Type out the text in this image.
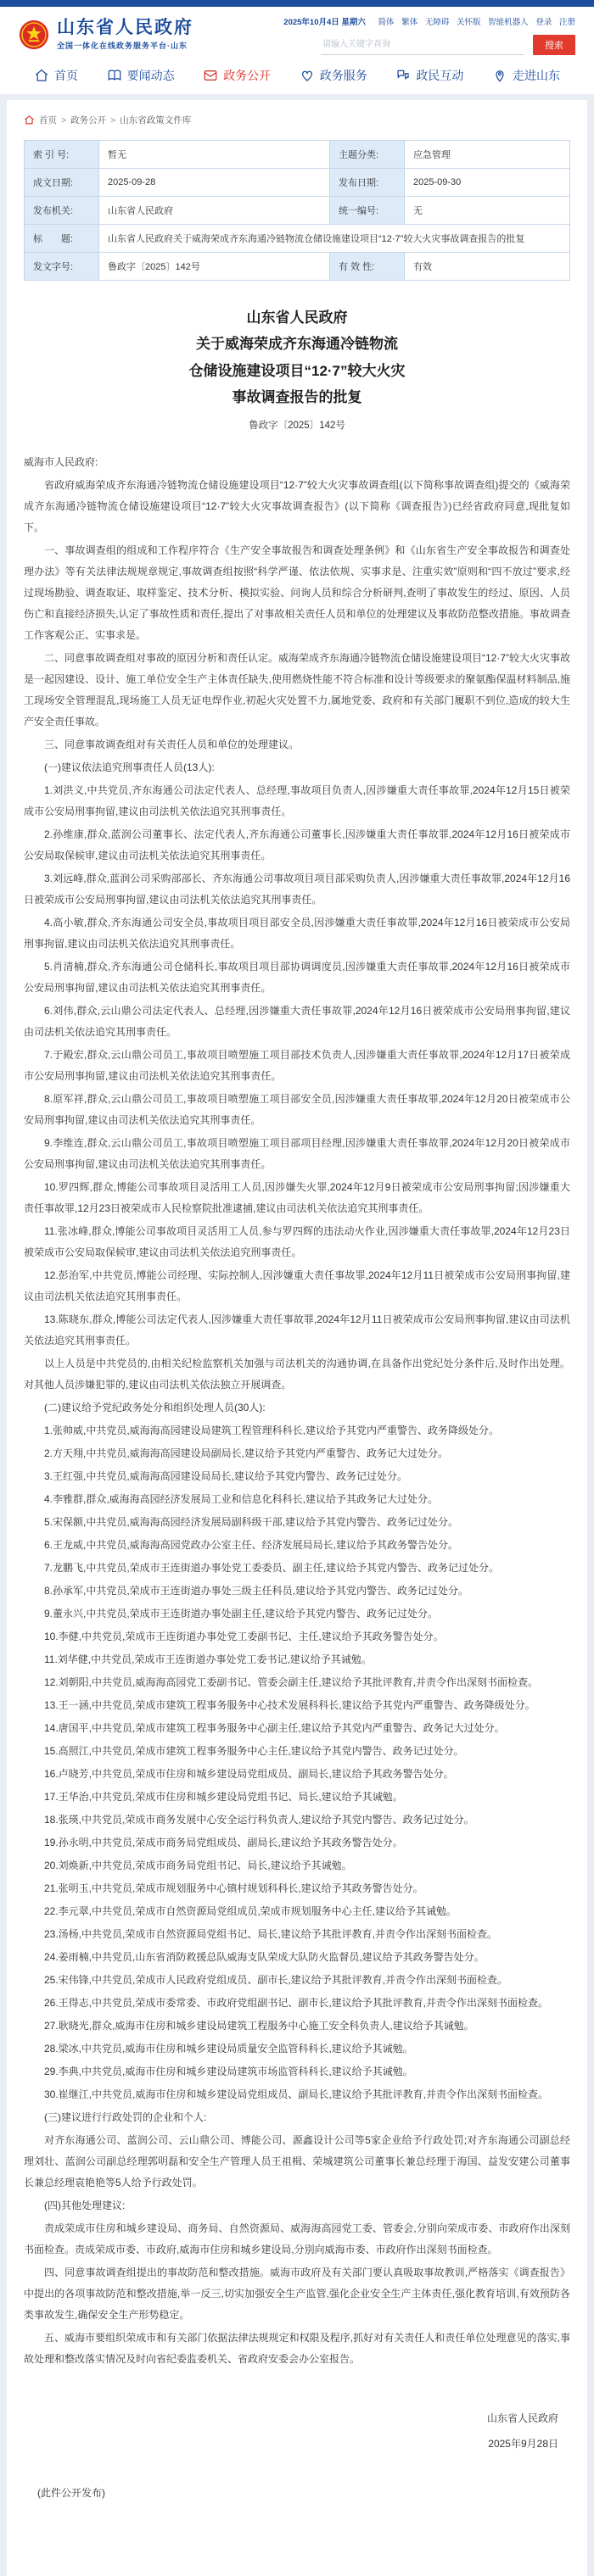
山东省人民政府
全国一体化在线政务服务平台·山东
2025年10月4日 星期六 简体 繁体 无障碍 关怀版 智能机器人 登录 注册
请输入关键字查询
搜索
首页	要闻动态	政务公开	政务服务	政民互动	走进山东
首页 > 政务公开 > 山东省政策文件库
索 引 号:	暂无	主题分类:	应急管理
成文日期:	2025-09-28	发布日期:	2025-09-30
发布机关:	山东省人民政府	统一编号:	无
标　　题:	山东省人民政府关于威海荣成齐东海通冷链物流仓储设施建设项目“12·7”较大火灾事故调查报告的批复		
发文字号:	鲁政字〔2025〕142号	有 效 性:	有效
山东省人民政府
关于威海荣成齐东海通冷链物流
仓储设施建设项目“12·7”较大火灾
事故调查报告的批复
鲁政字〔2025〕142号

威海市人民政府:

省政府威海荣成齐东海通冷链物流仓储设施建设项目“12·7”较大火灾事故调查组(以下简称事故调查组)提交的《威海荣成齐东海通冷链物流仓储设施建设项目“12·7”较大火灾事故调查报告》(以下简称《调查报告》)已经省政府同意,现批复如下。

一、事故调查组的组成和工作程序符合《生产安全事故报告和调查处理条例》和《山东省生产安全事故报告和调查处理办法》等有关法律法规规章规定,事故调查组按照“科学严谨、依法依规、实事求是、注重实效”原则和“四不放过”要求,经过现场勘验、调查取证、取样鉴定、技术分析、模拟实验、问询人员和综合分析研判,查明了事故发生的经过、原因、人员伤亡和直接经济损失,认定了事故性质和责任,提出了对事故相关责任人员和单位的处理建议及事故防范整改措施。事故调查工作客观公正、实事求是。

二、同意事故调查组对事故的原因分析和责任认定。威海荣成齐东海通冷链物流仓储设施建设项目“12·7”较大火灾事故是一起因建设、设计、施工单位安全生产主体责任缺失,使用燃烧性能不符合标准和设计等级要求的聚氨酯保温材料制品,施工现场安全管理混乱,现场施工人员无证电焊作业,初起火灾处置不力,属地党委、政府和有关部门履职不到位,造成的较大生产安全责任事故。

三、同意事故调查组对有关责任人员和单位的处理建议。

(一)建议依法追究刑事责任人员(13人):

1.刘洪义,中共党员,齐东海通公司法定代表人、总经理,事故项目负责人,因涉嫌重大责任事故罪,2024年12月15日被荣成市公安局刑事拘留,建议由司法机关依法追究其刑事责任。

2.孙维康,群众,蓝润公司董事长、法定代表人,齐东海通公司董事长,因涉嫌重大责任事故罪,2024年12月16日被荣成市公安局取保候审,建议由司法机关依法追究其刑事责任。

3.刘远峰,群众,蓝润公司采购部部长、齐东海通公司事故项目项目部采购负责人,因涉嫌重大责任事故罪,2024年12月16日被荣成市公安局刑事拘留,建议由司法机关依法追究其刑事责任。

4.高小敏,群众,齐东海通公司安全员,事故项目项目部安全员,因涉嫌重大责任事故罪,2024年12月16日被荣成市公安局刑事拘留,建议由司法机关依法追究其刑事责任。

5.肖清楠,群众,齐东海通公司仓储科长,事故项目项目部协调调度员,因涉嫌重大责任事故罪,2024年12月16日被荣成市公安局刑事拘留,建议由司法机关依法追究其刑事责任。

6.刘伟,群众,云山鼎公司法定代表人、总经理,因涉嫌重大责任事故罪,2024年12月16日被荣成市公安局刑事拘留,建议由司法机关依法追究其刑事责任。

7.于殿宏,群众,云山鼎公司员工,事故项目喷塑施工项目部技术负责人,因涉嫌重大责任事故罪,2024年12月17日被荣成市公安局刑事拘留,建议由司法机关依法追究其刑事责任。

8.原军祥,群众,云山鼎公司员工,事故项目喷塑施工项目部安全员,因涉嫌重大责任事故罪,2024年12月20日被荣成市公安局刑事拘留,建议由司法机关依法追究其刑事责任。

9.李维连,群众,云山鼎公司员工,事故项目喷塑施工项目部项目经理,因涉嫌重大责任事故罪,2024年12月20日被荣成市公安局刑事拘留,建议由司法机关依法追究其刑事责任。

10.罗四辉,群众,博能公司事故项目灵活用工人员,因涉嫌失火罪,2024年12月9日被荣成市公安局刑事拘留;因涉嫌重大责任事故罪,12月23日被荣成市人民检察院批准逮捕,建议由司法机关依法追究其刑事责任。

11.张冰峰,群众,博能公司事故项目灵活用工人员,参与罗四辉的违法动火作业,因涉嫌重大责任事故罪,2024年12月23日被荣成市公安局取保候审,建议由司法机关依法追究刑事责任。

12.彭治军,中共党员,博能公司经理、实际控制人,因涉嫌重大责任事故罪,2024年12月11日被荣成市公安局刑事拘留,建议由司法机关依法追究其刑事责任。

13.陈晓东,群众,博能公司法定代表人,因涉嫌重大责任事故罪,2024年12月11日被荣成市公安局刑事拘留,建议由司法机关依法追究其刑事责任。

以上人员是中共党员的,由相关纪检监察机关加强与司法机关的沟通协调,在具备作出党纪处分条件后,及时作出处理。对其他人员涉嫌犯罪的,建议由司法机关依法独立开展调查。

(二)建议给予党纪政务处分和组织处理人员(30人):

1.张帅威,中共党员,威海海高园建设局建筑工程管理科科长,建议给予其党内严重警告、政务降级处分。

2.方天翔,中共党员,威海海高园建设局副局长,建议给予其党内严重警告、政务记大过处分。

3.王红强,中共党员,威海海高园建设局局长,建议给予其党内警告、政务记过处分。

4.李雅群,群众,威海海高园经济发展局工业和信息化科科长,建议给予其政务记大过处分。

5.宋保额,中共党员,威海海高园经济发展局副科级干部,建议给予其党内警告、政务记过处分。

6.王龙威,中共党员,威海海高园党政办公室主任、经济发展局局长,建议给予其政务警告处分。

7.龙鹏飞,中共党员,荣成市王连街道办事处党工委委员、副主任,建议给予其党内警告、政务记过处分。

8.孙承军,中共党员,荣成市王连街道办事处三级主任科员,建议给予其党内警告、政务记过处分。

9.董永兴,中共党员,荣成市王连街道办事处副主任,建议给予其党内警告、政务记过处分。

10.李健,中共党员,荣成市王连街道办事处党工委副书记、主任,建议给予其政务警告处分。

11.刘华健,中共党员,荣成市王连街道办事处党工委书记,建议给予其诫勉。

12.刘朝阳,中共党员,威海海高园党工委副书记、管委会副主任,建议给予其批评教育,并责令作出深刻书面检查。

13.王一涵,中共党员,荣成市建筑工程事务服务中心技术发展科科长,建议给予其党内严重警告、政务降级处分。

14.唐国平,中共党员,荣成市建筑工程事务服务中心副主任,建议给予其党内严重警告、政务记大过处分。

15.高照江,中共党员,荣成市建筑工程事务服务中心主任,建议给予其党内警告、政务记过处分。

16.卢晓芳,中共党员,荣成市住房和城乡建设局党组成员、副局长,建议给予其政务警告处分。

17.王华治,中共党员,荣成市住房和城乡建设局党组书记、局长,建议给予其诫勉。

18.张瑛,中共党员,荣成市商务发展中心安全运行科负责人,建议给予其党内警告、政务记过处分。

19.孙永明,中共党员,荣成市商务局党组成员、副局长,建议给予其政务警告处分。

20.刘焕新,中共党员,荣成市商务局党组书记、局长,建议给予其诫勉。

21.张明玉,中共党员,荣成市规划服务中心镇村规划科科长,建议给予其政务警告处分。

22.李元翠,中共党员,荣成市自然资源局党组成员,荣成市规划服务中心主任,建议给予其诫勉。

23.汤杨,中共党员,荣成市自然资源局党组书记、局长,建议给予其批评教育,并责令作出深刻书面检查。

24.姜雨楠,中共党员,山东省消防救援总队威海支队荣成大队防火监督员,建议给予其政务警告处分。

25.宋伟锋,中共党员,荣成市人民政府党组成员、副市长,建议给予其批评教育,并责令作出深刻书面检查。

26.王得志,中共党员,荣成市委常委、市政府党组副书记、副市长,建议给予其批评教育,并责令作出深刻书面检查。

27.耿晓光,群众,威海市住房和城乡建设局建筑工程服务中心施工安全科负责人,建议给予其诫勉。

28.梁冰,中共党员,威海市住房和城乡建设局质量安全监管科科长,建议给予其诫勉。

29.李典,中共党员,威海市住房和城乡建设局建筑市场监管科科长,建议给予其诫勉。

30.崔继江,中共党员,威海市住房和城乡建设局党组成员、副局长,建议给予其批评教育,并责令作出深刻书面检查。

(三)建议进行行政处罚的企业和个人:

对齐东海通公司、蓝润公司、云山鼎公司、博能公司、源鑫设计公司等5家企业给予行政处罚;对齐东海通公司副总经理刘壮、蓝润公司副总经理郭明磊和安全生产管理人员王祖楫、荣城建筑公司董事长兼总经理于海国、益发安建公司董事长兼总经理袁艳艳等5人给予行政处罚。

(四)其他处理建议:

责成荣成市住房和城乡建设局、商务局、自然资源局、威海海高园党工委、管委会,分别向荣成市委、市政府作出深刻书面检查。责成荣成市委、市政府,威海市住房和城乡建设局,分别向威海市委、市政府作出深刻书面检查。

四、同意事故调查组提出的事故防范和整改措施。威海市政府及有关部门要认真吸取事故教训,严格落实《调查报告》中提出的各项事故防范和整改措施,举一反三,切实加强安全生产监管,强化企业安全生产主体责任,强化教育培训,有效预防各类事故发生,确保安全生产形势稳定。

五、威海市要组织荣成市和有关部门依据法律法规规定和权限及程序,抓好对有关责任人和责任单位处理意见的落实,事故处理和整改落实情况及时向省纪委监委机关、省政府安委会办公室报告。

山东省人民政府
2025年9月28日
(此件公开发布)
